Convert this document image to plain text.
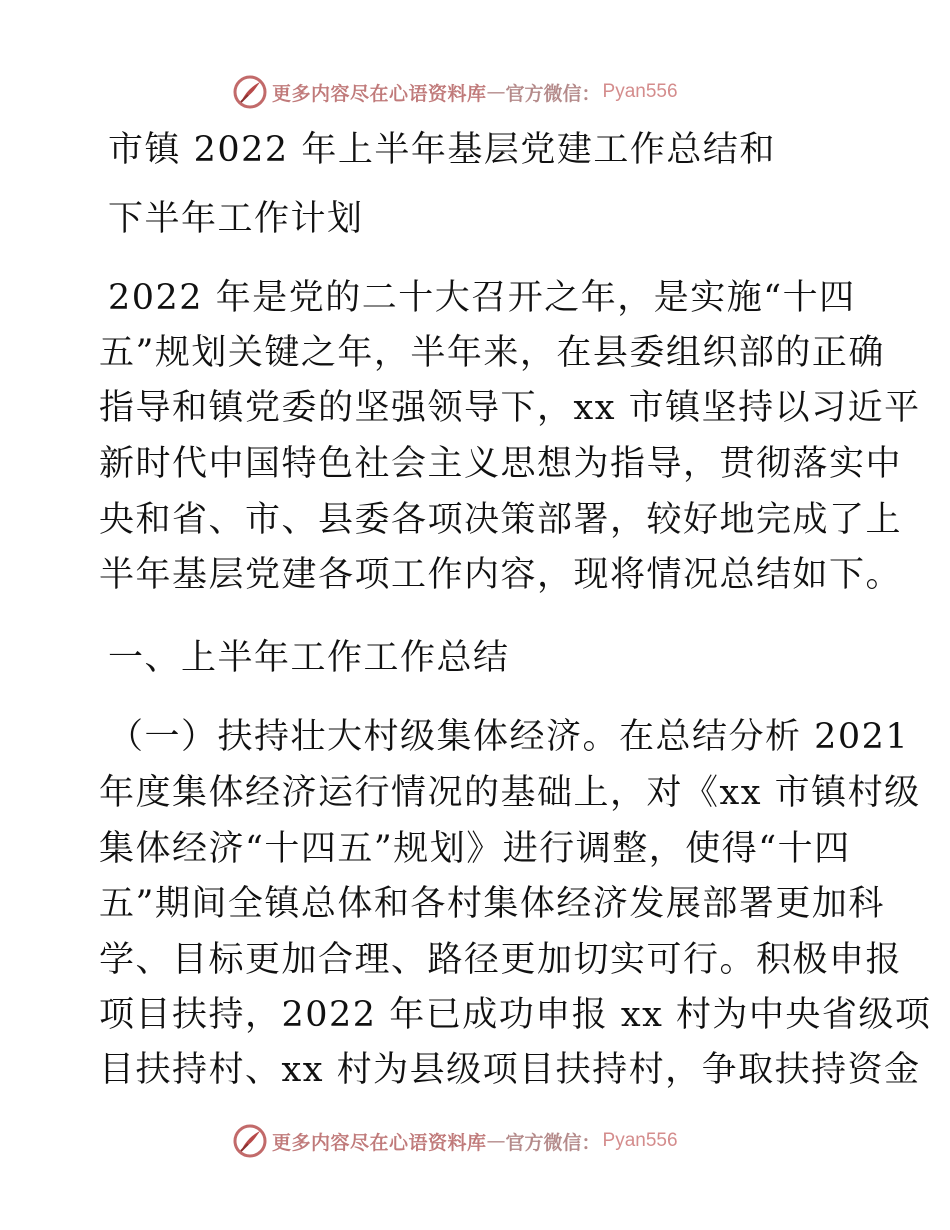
更多内容尽在心语资料库 — 官方微信： Pyan556
市镇 2022 年上半年基层党建工作总结和
下半年工作计划
2022 年是党的二十大召开之年，是实施“十四
五”规划关键之年，半年来，在县委组织部的正确
指导和镇党委的坚强领导下，xx 市镇坚持以习近平
新时代中国特色社会主义思想为指导，贯彻落实中
央和省、市、县委各项决策部署，较好地完成了上
半年基层党建各项工作内容，现将情况总结如下。
一、上半年工作工作总结
（一）扶持壮大村级集体经济。在总结分析 2021
年度集体经济运行情况的基础上，对《xx 市镇村级
集体经济“十四五”规划》进行调整，使得“十四
五”期间全镇总体和各村集体经济发展部署更加科
学、目标更加合理、路径更加切实可行。积极申报
项目扶持，2022 年已成功申报 xx 村为中央省级项
目扶持村、xx 村为县级项目扶持村，争取扶持资金
更多内容尽在心语资料库 — 官方微信： Pyan556
